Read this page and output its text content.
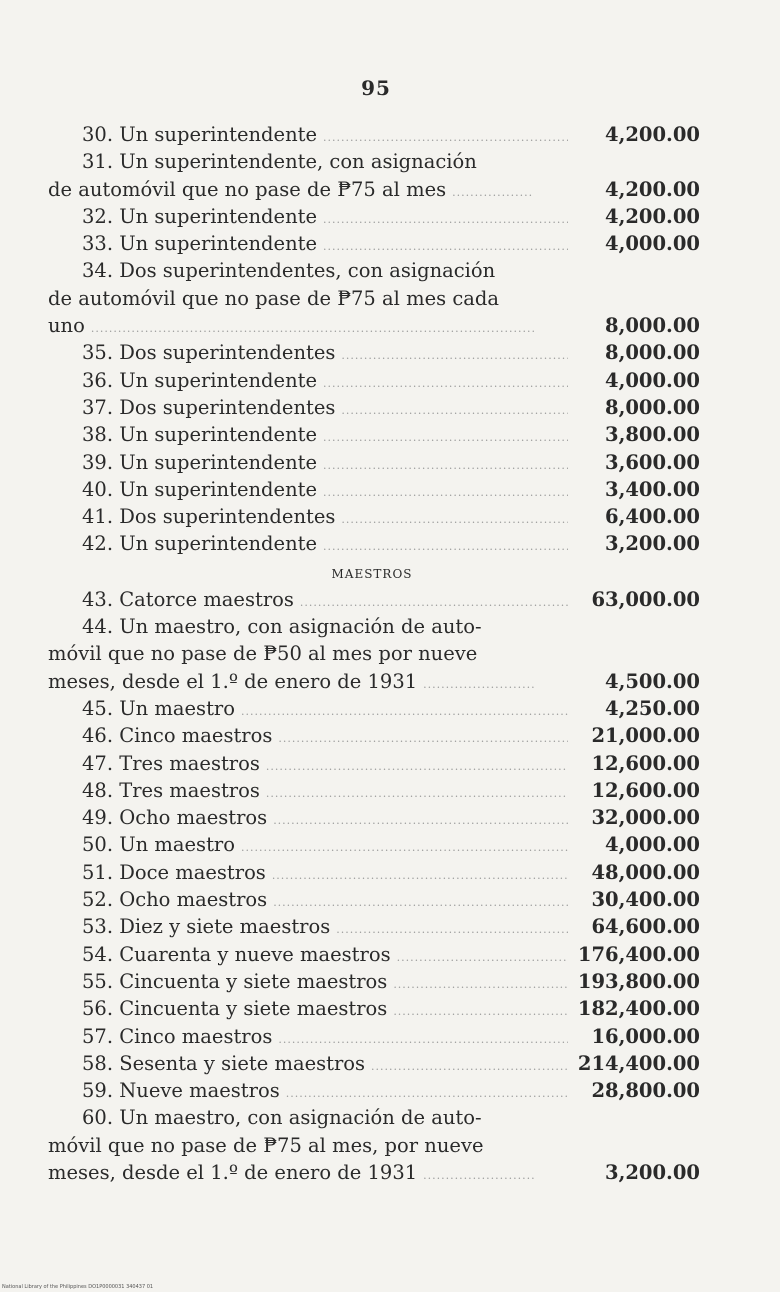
95
30. Un superintendente .....	4,200.00
31. Un superintendente, con asignación
de automóvil que no pase de ₱75 al mes .....	4,200.00
32. Un superintendente .....	4,200.00
33. Un superintendente .....	4,000.00
34. Dos superintendentes, con asignación
de automóvil que no pase de ₱75 al mes cada
uno .....	8,000.00
35. Dos superintendentes .....	8,000.00
36. Un superintendente .....	4,000.00
37. Dos superintendentes .....	8,000.00
38. Un superintendente .....	3,800.00
39. Un superintendente .....	3,600.00
40. Un superintendente .....	3,400.00
41. Dos superintendentes .....	6,400.00
42. Un superintendente .....	3,200.00
MAESTROS
43. Catorce maestros .....	63,000.00
44. Un maestro, con asignación de auto-
móvil que no pase de ₱50 al mes por nueve
meses, desde el 1.º de enero de 1931 .....	4,500.00
45. Un maestro .....	4,250.00
46. Cinco maestros .....	21,000.00
47. Tres maestros .....	12,600.00
48. Tres maestros .....	12,600.00
49. Ocho maestros .....	32,000.00
50. Un maestro .....	4,000.00
51. Doce maestros .....	48,000.00
52. Ocho maestros .....	30,400.00
53. Diez y siete maestros .....	64,600.00
54. Cuarenta y nueve maestros .....	176,400.00
55. Cincuenta y siete maestros .....	193,800.00
56. Cincuenta y siete maestros .....	182,400.00
57. Cinco maestros .....	16,000.00
58. Sesenta y siete maestros .....	214,400.00
59. Nueve maestros .....	28,800.00
60. Un maestro, con asignación de auto-
móvil que no pase de ₱75 al mes, por nueve
meses, desde el 1.º de enero de 1931 .....	3,200.00
National Library of the Philippines DO1P0000031 340437 01
